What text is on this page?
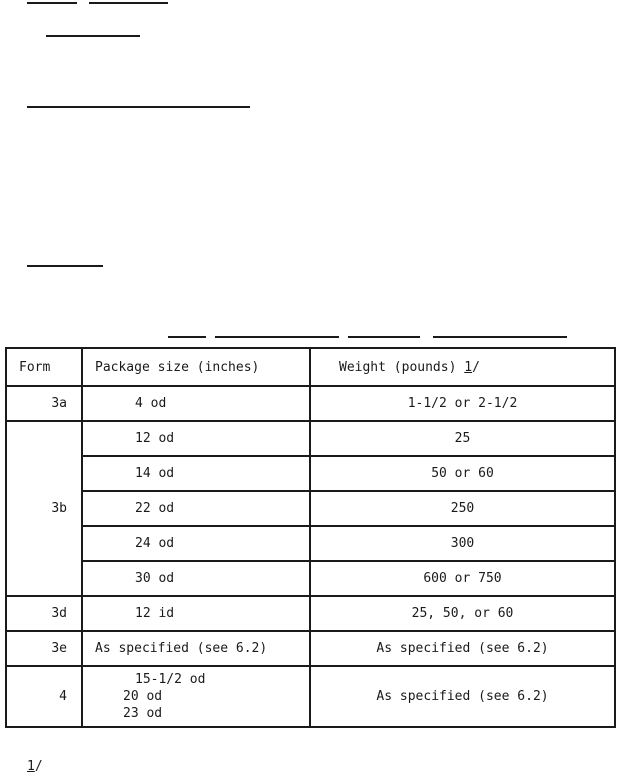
Form	Package size (inches)	Weight (pounds) 1/
3a	4 od	1-1/2 or 2-1/2
3b	12 od	25
	14 od	50 or 60
	22 od	250
	24 od	300
	30 od	600 or 750
3d	12 id	25, 50, or 60
3e	As specified (see 6.2)	As specified (see 6.2)
4	15-1/2 od
20 od
23 od	As specified (see 6.2)
1/
